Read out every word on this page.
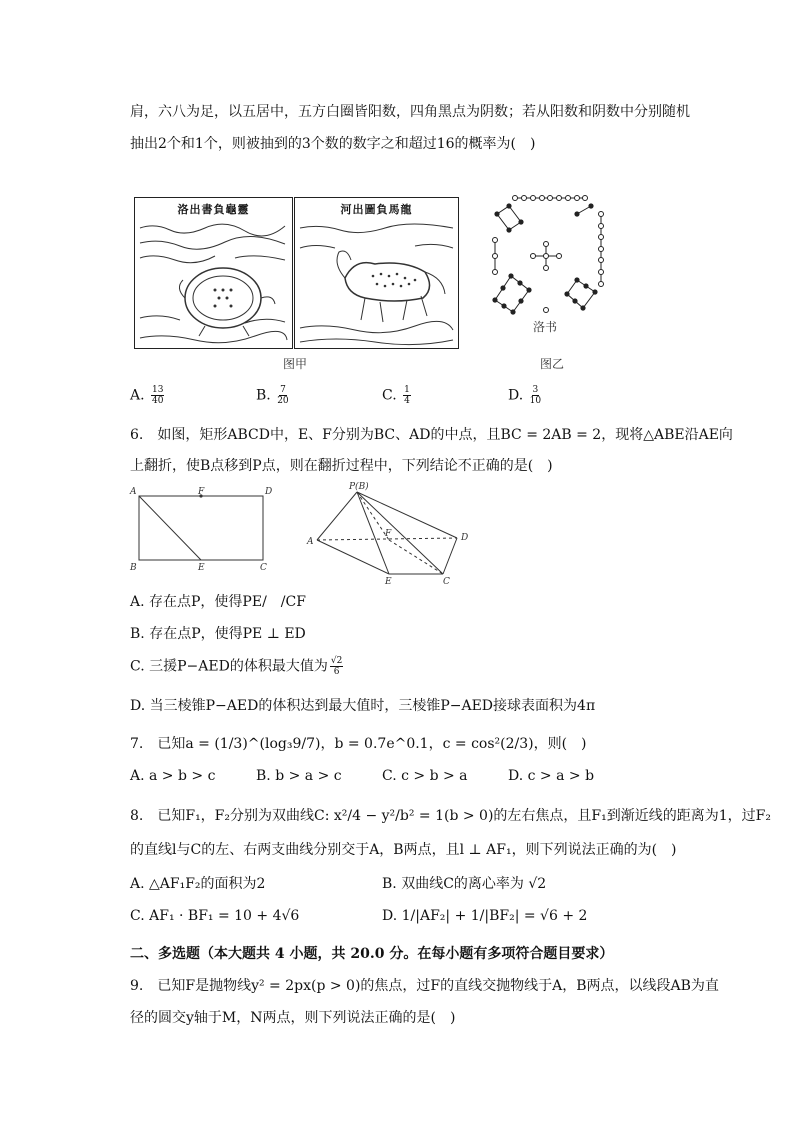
肩，六八为足，以五居中，五方白圈皆阳数，四角黑点为阴数；若从阳数和阴数中分别随机
抽出2个和1个，则被抽到的3个数的数字之和超过16的概率为(　)
洛出書負龜靈	河出圖負馬龍
图甲
洛书
图乙
A. $\frac{13}{40}$	B. $\frac{7}{20}$	C. $\frac{1}{4}$	D. $\frac{3}{10}$
6.　如图，矩形ABCD中，E、F分别为BC、AD的中点，且BC = 2AB = 2，现将△ABE沿AE向
上翻折，使B点移到P点，则在翻折过程中，下列结论不正确的是(　)
A	F	D
B	E	C
P(B)
A
F	D
E	C
A. 存在点P，使得PE/　/CF
B. 存在点P，使得PE ⊥ ED
C. 三援P−AED的体积最大值为 $\frac{√2}{6}$
D. 当三棱锥P−AED的体积达到最大值时，三棱锥P−AED接球表面积为4π
7.　已知a = (1/3)^(log₃9/7)，b = 0.7e^0.1，c = cos²(2/3)，则(　)
A. a > b > c	B. b > a > c	C. c > b > a	D. c > a > b
8.　已知F₁，F₂分别为双曲线C: x²/4 − y²/b² = 1(b > 0)的左右焦点，且F₁到渐近线的距离为1，过F₂
的直线l与C的左、右两支曲线分别交于A，B两点，且l ⊥ AF₁，则下列说法正确的为(　)
A. △AF₁F₂的面积为2	B. 双曲线C的离心率为 √2
C. AF₁ · BF₁ = 10 + 4√6	D. 1/|AF₂| + 1/|BF₂| = √6 + 2
二、多选题（本大题共 4 小题，共 20.0 分。在每小题有多项符合题目要求）
9.　已知F是抛物线y² = 2px(p > 0)的焦点，过F的直线交抛物线于A，B两点，以线段AB为直
径的圆交y轴于M，N两点，则下列说法正确的是(　)
